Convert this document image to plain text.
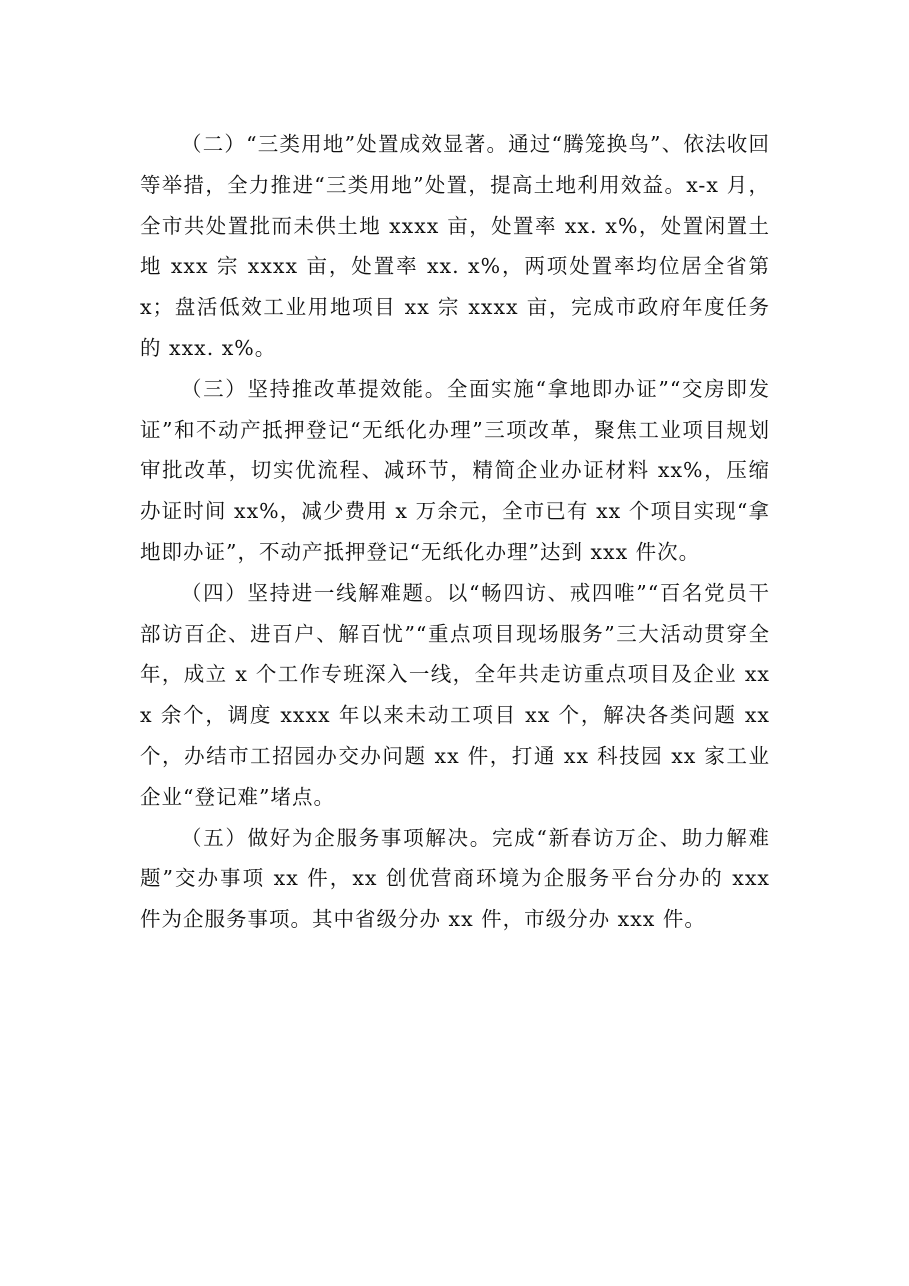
（二）“三类用地”处置成效显著。通过“腾笼换鸟”、依法收回等举措，全力推进“三类用地”处置，提高土地利用效益。x-x 月，全市共处置批而未供土地 xxxx 亩，处置率 xx. x%，处置闲置土地 xxx 宗 xxxx 亩，处置率 xx. x%，两项处置率均位居全省第 x；盘活低效工业用地项目 xx 宗 xxxx 亩，完成市政府年度任务的 xxx. x%。

（三）坚持推改革提效能。全面实施“拿地即办证”“交房即发证”和不动产抵押登记“无纸化办理”三项改革，聚焦工业项目规划审批改革，切实优流程、减环节，精简企业办证材料 xx%，压缩办证时间 xx%，减少费用 x 万余元，全市已有 xx 个项目实现“拿地即办证”，不动产抵押登记“无纸化办理”达到 xxx 件次。

（四）坚持进一线解难题。以“畅四访、戒四唯”“百名党员干部访百企、进百户、解百忧”“重点项目现场服务”三大活动贯穿全年，成立 x 个工作专班深入一线，全年共走访重点项目及企业 xxx 余个，调度 xxxx 年以来未动工项目 xx 个，解决各类问题 xx 个，办结市工招园办交办问题 xx 件，打通 xx 科技园 xx 家工业企业“登记难”堵点。

（五）做好为企服务事项解决。完成“新春访万企、助力解难题”交办事项 xx 件，xx 创优营商环境为企服务平台分办的 xxx 件为企服务事项。其中省级分办 xx 件，市级分办 xxx 件。
